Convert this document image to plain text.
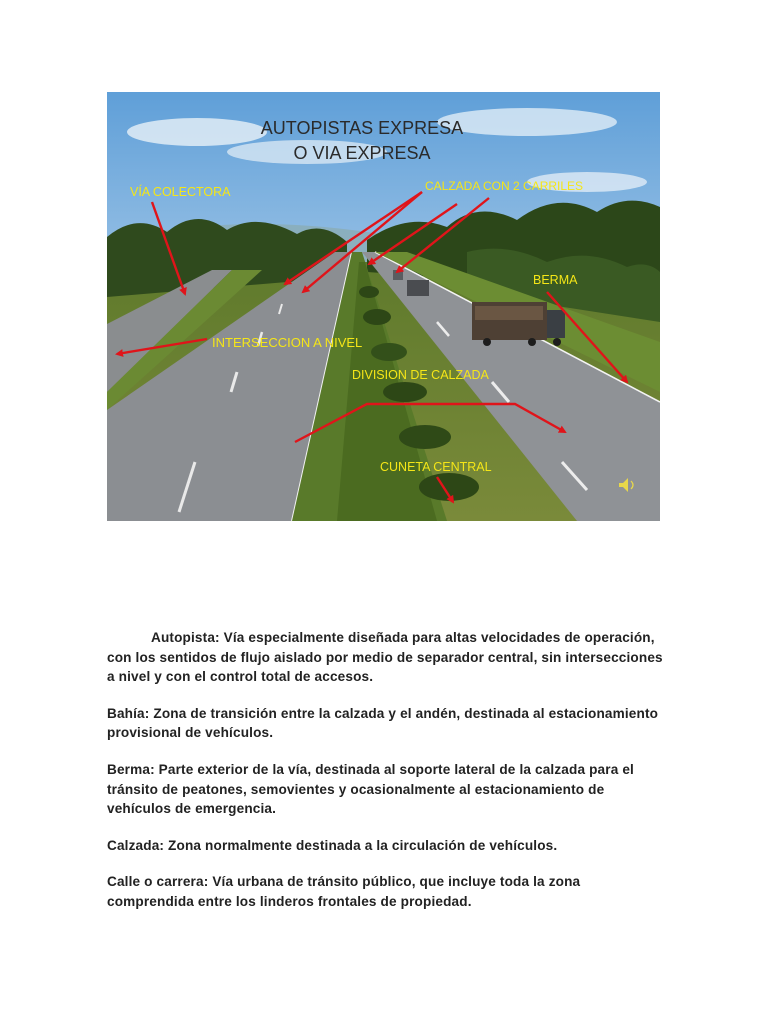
AUTOPISTAS EXPRESA
O VIA EXPRESA
VÍA COLECTORA	CALZADA CON 2 CARRILES
BERMA
INTERSECCION A NIVEL
DIVISION DE CALZADA
CUNETA CENTRAL

Autopista: Vía especialmente diseñada para altas velocidades de operación, con los sentidos de flujo aislado por medio de separador central, sin intersecciones a nivel y con el control total de accesos.

Bahía: Zona de transición entre la calzada y el andén, destinada al estacionamiento provisional de vehículos.

Berma: Parte exterior de la vía, destinada al soporte lateral de la calzada para el tránsito de peatones, semovientes y ocasionalmente al estacionamiento de vehículos de emergencia.

Calzada: Zona normalmente destinada a la circulación de vehículos.

Calle o carrera: Vía urbana de tránsito público, que incluye toda la zona comprendida entre los linderos frontales de propiedad.
